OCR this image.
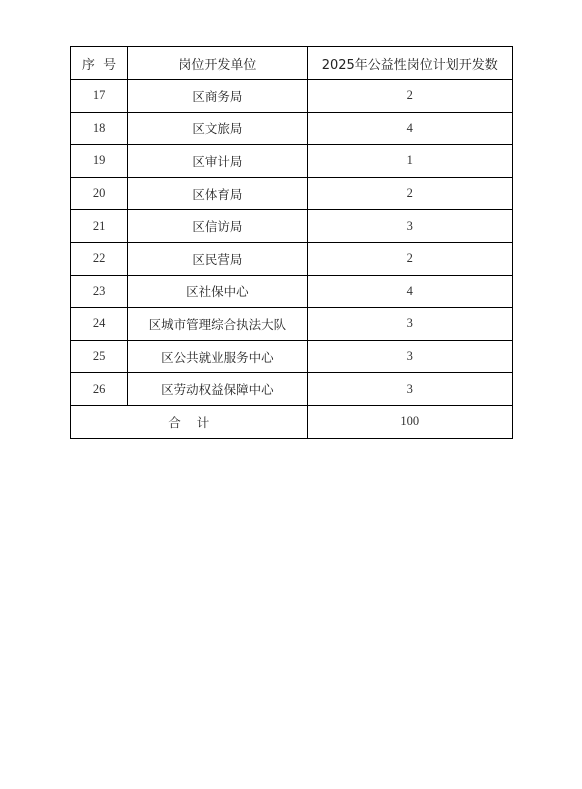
序  号	岗位开发单位	2025年公益性岗位计划开发数
17	区商务局	2
18	区文旅局	4
19	区审计局	1
20	区体育局	2
21	区信访局	3
22	区民营局	2
23	区社保中心	4
24	区城市管理综合执法大队	3
25	区公共就业服务中心	3
26	区劳动权益保障中心	3
合    计		100
